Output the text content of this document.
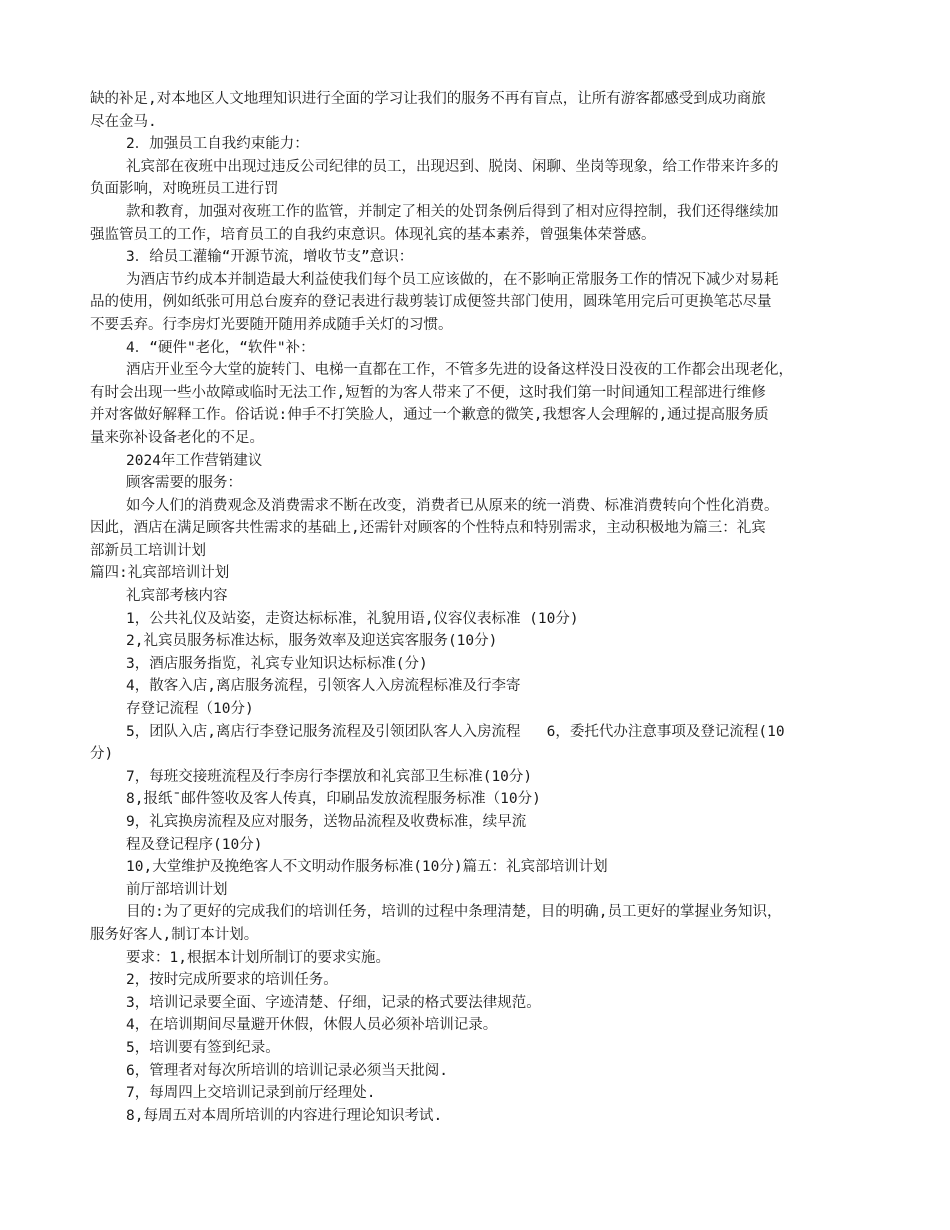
缺的补足,对本地区人文地理知识进行全面的学习让我们的服务不再有盲点，让所有游客都感受到成功商旅
尽在金马.
2．加强员工自我约束能力：
礼宾部在夜班中出现过违反公司纪律的员工，出现迟到、脱岗、闲聊、坐岗等现象，给工作带来许多的
负面影响，对晚班员工进行罚
款和教育，加强对夜班工作的监管，并制定了相关的处罚条例后得到了相对应得控制，我们还得继续加
强监管员工的工作，培育员工的自我约束意识。体现礼宾的基本素养，曾强集体荣誉感。
3．给员工灌输“开源节流，增收节支”意识：
为酒店节约成本并制造最大利益使我们每个员工应该做的，在不影响正常服务工作的情况下减少对易耗
品的使用，例如纸张可用总台废弃的登记表进行裁剪装订成便签共部门使用，圆珠笔用完后可更换笔芯尽量
不要丢弃。行李房灯光要随开随用养成随手关灯的习惯。
4．“硬件"老化，“软件"补：
酒店开业至今大堂的旋转门、电梯一直都在工作，不管多先进的设备这样没日没夜的工作都会出现老化，
有时会出现一些小故障或临时无法工作,短暂的为客人带来了不便，这时我们第一时间通知工程部进行维修
并对客做好解释工作。俗话说:伸手不打笑脸人，通过一个歉意的微笑,我想客人会理解的,通过提高服务质
量来弥补设备老化的不足。
2024年工作营销建议
顾客需要的服务：
如今人们的消费观念及消费需求不断在改变，消费者已从原来的统一消费、标准消费转向个性化消费。
因此，酒店在满足顾客共性需求的基础上,还需针对顾客的个性特点和特别需求，主动积极地为篇三：礼宾
部新员工培训计划
篇四:礼宾部培训计划
礼宾部考核内容
1，公共礼仪及站姿，走资达标标准，礼貌用语,仪容仪表标准 (10分)
2,礼宾员服务标准达标，服务效率及迎送宾客服务(10分)
3，酒店服务指览，礼宾专业知识达标标准(分)
4，散客入店,离店服务流程，引领客人入房流程标准及行李寄
存登记流程（10分)
5，团队入店,离店行李登记服务流程及引领团队客人入房流程   6，委托代办注意事项及登记流程(10
分)
7，每班交接班流程及行李房行李摆放和礼宾部卫生标准(10分)
8,报纸¯邮件签收及客人传真，印刷品发放流程服务标准（10分)
9，礼宾换房流程及应对服务，送物品流程及收费标准，续早流
程及登记程序(10分)
10,大堂维护及挽绝客人不文明动作服务标准(10分)篇五：礼宾部培训计划
前厅部培训计划
目的:为了更好的完成我们的培训任务，培训的过程中条理清楚，目的明确,员工更好的掌握业务知识，
服务好客人,制订本计划。
要求：1,根据本计划所制订的要求实施。
2，按时完成所要求的培训任务。
3，培训记录要全面、字迹清楚、仔细，记录的格式要法律规范。
4，在培训期间尽量避开休假，休假人员必须补培训记录。
5，培训要有签到纪录。
6，管理者对每次所培训的培训记录必须当天批阅.
7，每周四上交培训记录到前厅经理处.
8,每周五对本周所培训的内容进行理论知识考试.
